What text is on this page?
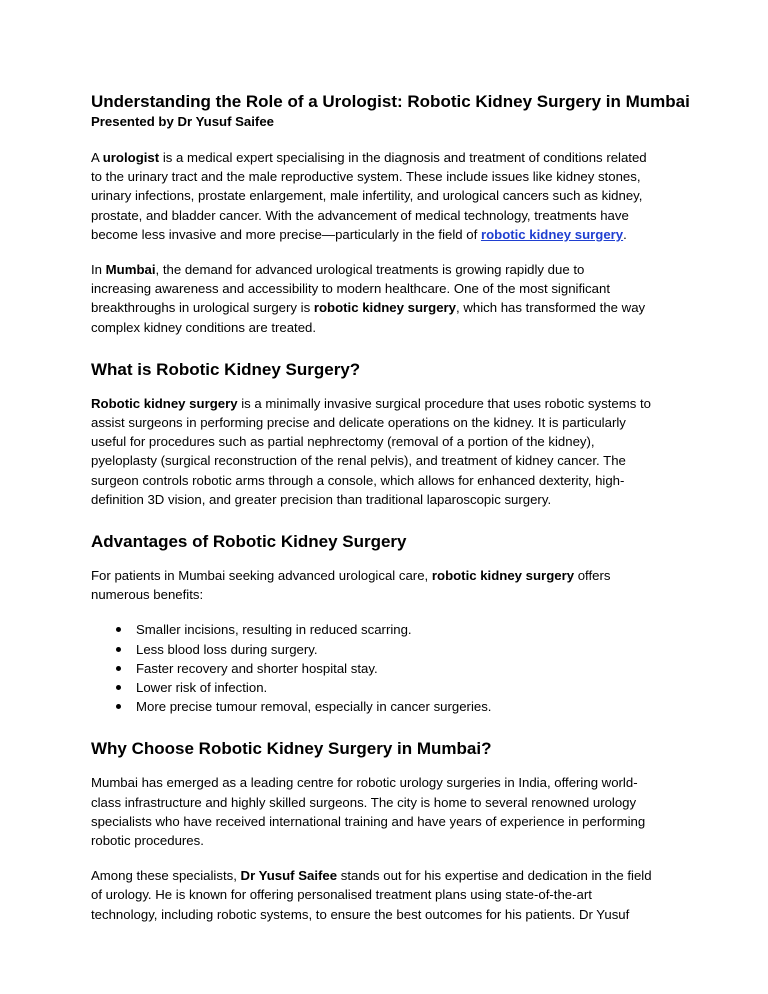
Understanding the Role of a Urologist: Robotic Kidney Surgery in Mumbai
Presented by Dr Yusuf Saifee

A urologist is a medical expert specialising in the diagnosis and treatment of conditions related
to the urinary tract and the male reproductive system. These include issues like kidney stones,
urinary infections, prostate enlargement, male infertility, and urological cancers such as kidney,
prostate, and bladder cancer. With the advancement of medical technology, treatments have
become less invasive and more precise—particularly in the field of robotic kidney surgery.

In Mumbai, the demand for advanced urological treatments is growing rapidly due to
increasing awareness and accessibility to modern healthcare. One of the most significant
breakthroughs in urological surgery is robotic kidney surgery, which has transformed the way
complex kidney conditions are treated.

What is Robotic Kidney Surgery?

Robotic kidney surgery is a minimally invasive surgical procedure that uses robotic systems to
assist surgeons in performing precise and delicate operations on the kidney. It is particularly
useful for procedures such as partial nephrectomy (removal of a portion of the kidney),
pyeloplasty (surgical reconstruction of the renal pelvis), and treatment of kidney cancer. The
surgeon controls robotic arms through a console, which allows for enhanced dexterity, high-
definition 3D vision, and greater precision than traditional laparoscopic surgery.

Advantages of Robotic Kidney Surgery

For patients in Mumbai seeking advanced urological care, robotic kidney surgery offers
numerous benefits:

Smaller incisions, resulting in reduced scarring.
Less blood loss during surgery.
Faster recovery and shorter hospital stay.
Lower risk of infection.
More precise tumour removal, especially in cancer surgeries.
Why Choose Robotic Kidney Surgery in Mumbai?

Mumbai has emerged as a leading centre for robotic urology surgeries in India, offering world-
class infrastructure and highly skilled surgeons. The city is home to several renowned urology
specialists who have received international training and have years of experience in performing
robotic procedures.

Among these specialists, Dr Yusuf Saifee stands out for his expertise and dedication in the field
of urology. He is known for offering personalised treatment plans using state-of-the-art
technology, including robotic systems, to ensure the best outcomes for his patients. Dr Yusuf
